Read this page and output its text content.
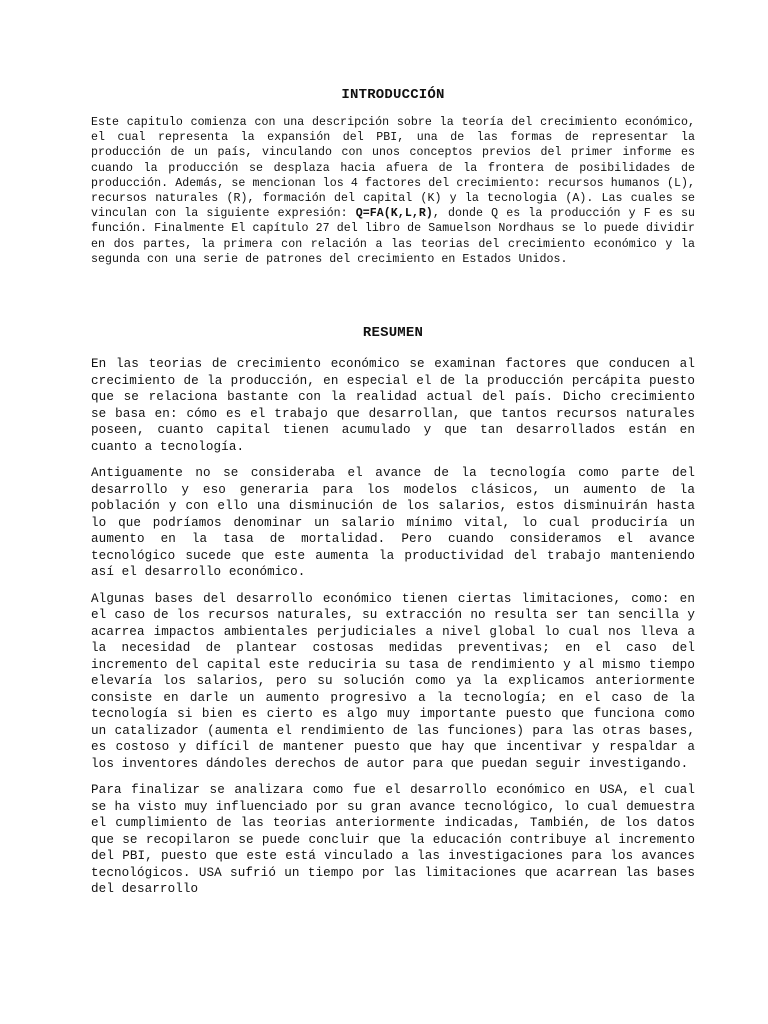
INTRODUCCIÓN

Este capitulo comienza con una descripción sobre la teoría del crecimiento económico, el cual representa la expansión del PBI, una de las formas de representar la producción de un país, vinculando con unos conceptos previos del primer informe es cuando la producción se desplaza hacia afuera de la frontera de posibilidades de producción. Además, se mencionan los 4 factores del crecimiento: recursos humanos (L), recursos naturales (R), formación del capital (K) y la tecnologia (A). Las cuales se vinculan con la siguiente expresión: Q=FA(K,L,R), donde Q es la producción y F es su función. Finalmente El capítulo 27 del libro de Samuelson Nordhaus se lo puede dividir en dos partes, la primera con relación a las teorias del crecimiento económico y la segunda con una serie de patrones del crecimiento en Estados Unidos.

RESUMEN

En las teorias de crecimiento económico se examinan factores que conducen al crecimiento de la producción, en especial el de la producción percápita puesto que se relaciona bastante con la realidad actual del país. Dicho crecimiento se basa en: cómo es el trabajo que desarrollan, que tantos recursos naturales poseen, cuanto capital tienen acumulado y que tan desarrollados están en cuanto a tecnología.

Antiguamente no se consideraba el avance de la tecnología como parte del desarrollo y eso generaria para los modelos clásicos, un aumento de la población y con ello una disminución de los salarios, estos disminuirán hasta lo que podríamos denominar un salario mínimo vital, lo cual produciría un aumento en la tasa de mortalidad. Pero cuando consideramos el avance tecnológico sucede que este aumenta la productividad del trabajo manteniendo así el desarrollo económico.

Algunas bases del desarrollo económico tienen ciertas limitaciones, como: en el caso de los recursos naturales, su extracción no resulta ser tan sencilla y acarrea impactos ambientales perjudiciales a nivel global lo cual nos lleva a la necesidad de plantear costosas medidas preventivas; en el caso del incremento del capital este reduciria su tasa de rendimiento y al mismo tiempo elevaría los salarios, pero su solución como ya la explicamos anteriormente consiste en darle un aumento progresivo a la tecnología; en el caso de la tecnología si bien es cierto es algo muy importante puesto que funciona como un catalizador (aumenta el rendimiento de las funciones) para las otras bases, es costoso y difícil de mantener puesto que hay que incentivar y respaldar a los inventores dándoles derechos de autor para que puedan seguir investigando.

Para finalizar se analizara como fue el desarrollo económico en USA, el cual se ha visto muy influenciado por su gran avance tecnológico, lo cual demuestra el cumplimiento de las teorias anteriormente indicadas, También, de los datos que se recopilaron se puede concluir que la educación contribuye al incremento del PBI, puesto que este está vinculado a las investigaciones para los avances tecnológicos. USA sufrió un tiempo por las limitaciones que acarrean las bases del desarrollo
